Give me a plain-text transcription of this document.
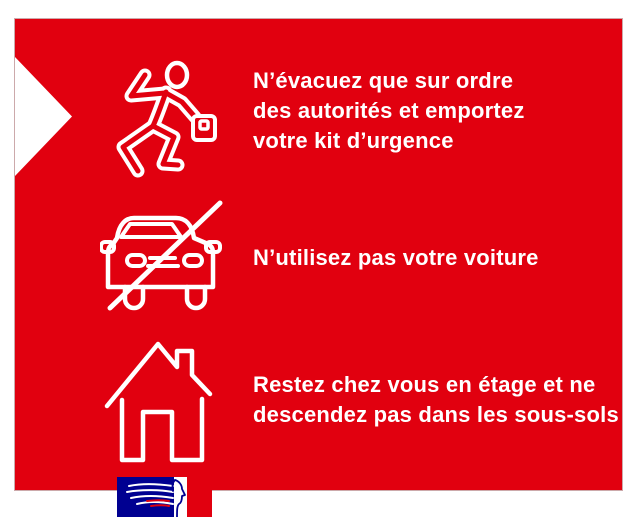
N’évacuez que sur ordre
des autorités et emportez
votre kit d’urgence
N’utilisez pas votre voiture
Restez chez vous en étage et ne
descendez pas dans les sous-sols
